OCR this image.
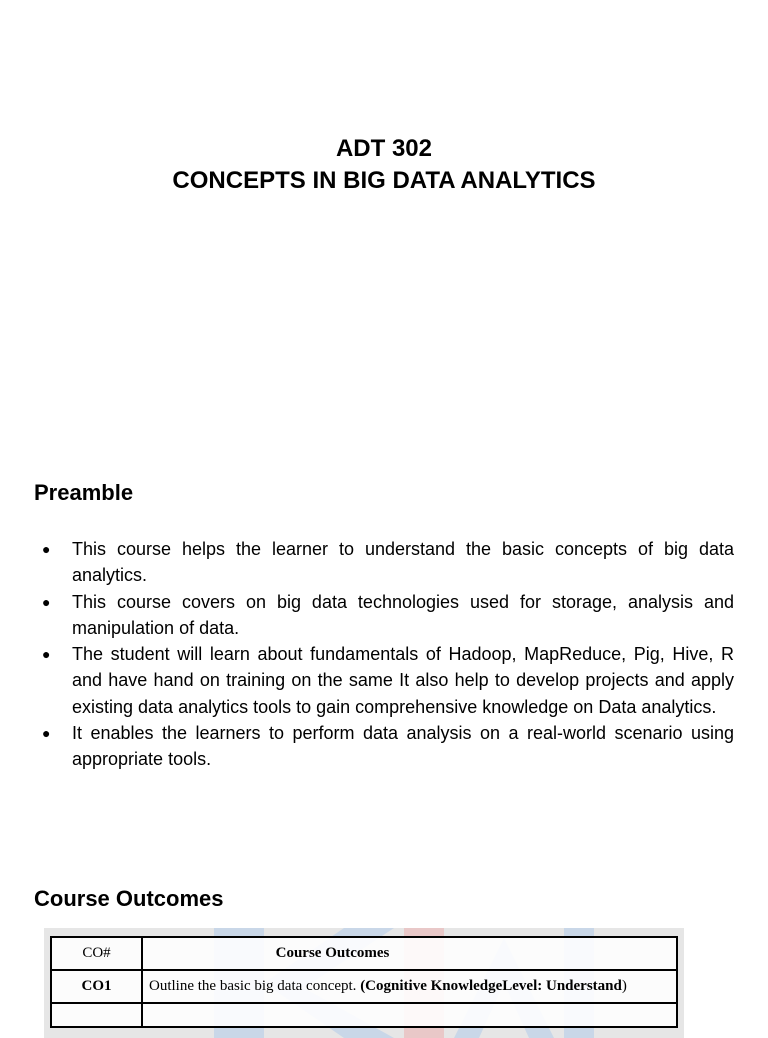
ADT 302
CONCEPTS IN BIG DATA ANALYTICS
Preamble
● This course helps the learner to understand the basic concepts of big data analytics.
● This course covers on big data technologies used for storage, analysis and manipulation of data.
● The student will learn about fundamentals of Hadoop, MapReduce, Pig, Hive, R and have hand on training on the same It also help to develop projects and apply existing data analytics tools to gain comprehensive knowledge on Data analytics.
● It enables the learners to perform data analysis on a real-world scenario using appropriate tools.
Course Outcomes
CO#	Course Outcomes
CO1	Outline the basic big data concept. (Cognitive KnowledgeLevel: Understand)
